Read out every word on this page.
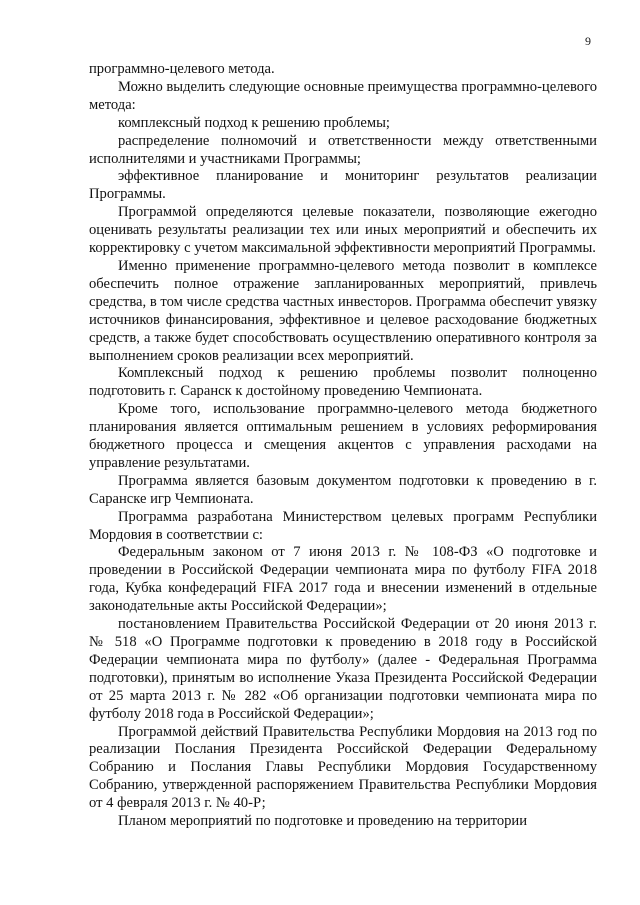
9

программно-целевого метода.

Можно выделить следующие основные преимущества программно-целевого метода:

комплексный подход к решению проблемы;

распределение полномочий и ответственности между ответственными исполнителями и участниками Программы;

эффективное планирование и мониторинг результатов реализации Программы.

Программой определяются целевые показатели, позволяющие ежегодно оценивать результаты реализации тех или иных мероприятий и обеспечить их корректировку с учетом максимальной эффективности мероприятий Программы.

Именно применение программно-целевого метода позволит в комплексе обеспечить полное отражение запланированных мероприятий, привлечь средства, в том числе средства частных инвесторов. Программа обеспечит увязку источников финансирования, эффективное и целевое расходование бюджетных средств, а также будет способствовать осуществлению оперативного контроля за выполнением сроков реализации всех мероприятий.

Комплексный подход к решению проблемы позволит полноценно подготовить г. Саранск к достойному проведению Чемпионата.

Кроме того, использование программно-целевого метода бюджетного планирования является оптимальным решением в условиях реформирования бюджетного процесса и смещения акцентов с управления расходами на управление результатами.

Программа является базовым документом подготовки к проведению в г. Саранске игр Чемпионата.

Программа разработана Министерством целевых программ Республики Мордовия в соответствии с:

Федеральным законом от 7 июня 2013 г. № 108-ФЗ «О подготовке и проведении в Российской Федерации чемпионата мира по футболу FIFA 2018 года, Кубка конфедераций FIFA 2017 года и внесении изменений в отдельные законодательные акты Российской Федерации»;

постановлением Правительства Российской Федерации от 20 июня 2013 г. № 518 «О Программе подготовки к проведению в 2018 году в Российской Федерации чемпионата мира по футболу» (далее - Федеральная Программа подготовки), принятым во исполнение Указа Президента Российской Федерации от 25 марта 2013 г. № 282 «Об организации подготовки чемпионата мира по футболу 2018 года в Российской Федерации»;

Программой действий Правительства Республики Мордовия на 2013 год по реализации Послания Президента Российской Федерации Федеральному Собранию и Послания Главы Республики Мордовия Государственному Собранию, утвержденной распоряжением Правительства Республики Мордовия от 4 февраля 2013 г. № 40-Р;

Планом мероприятий по подготовке и проведению на территории
